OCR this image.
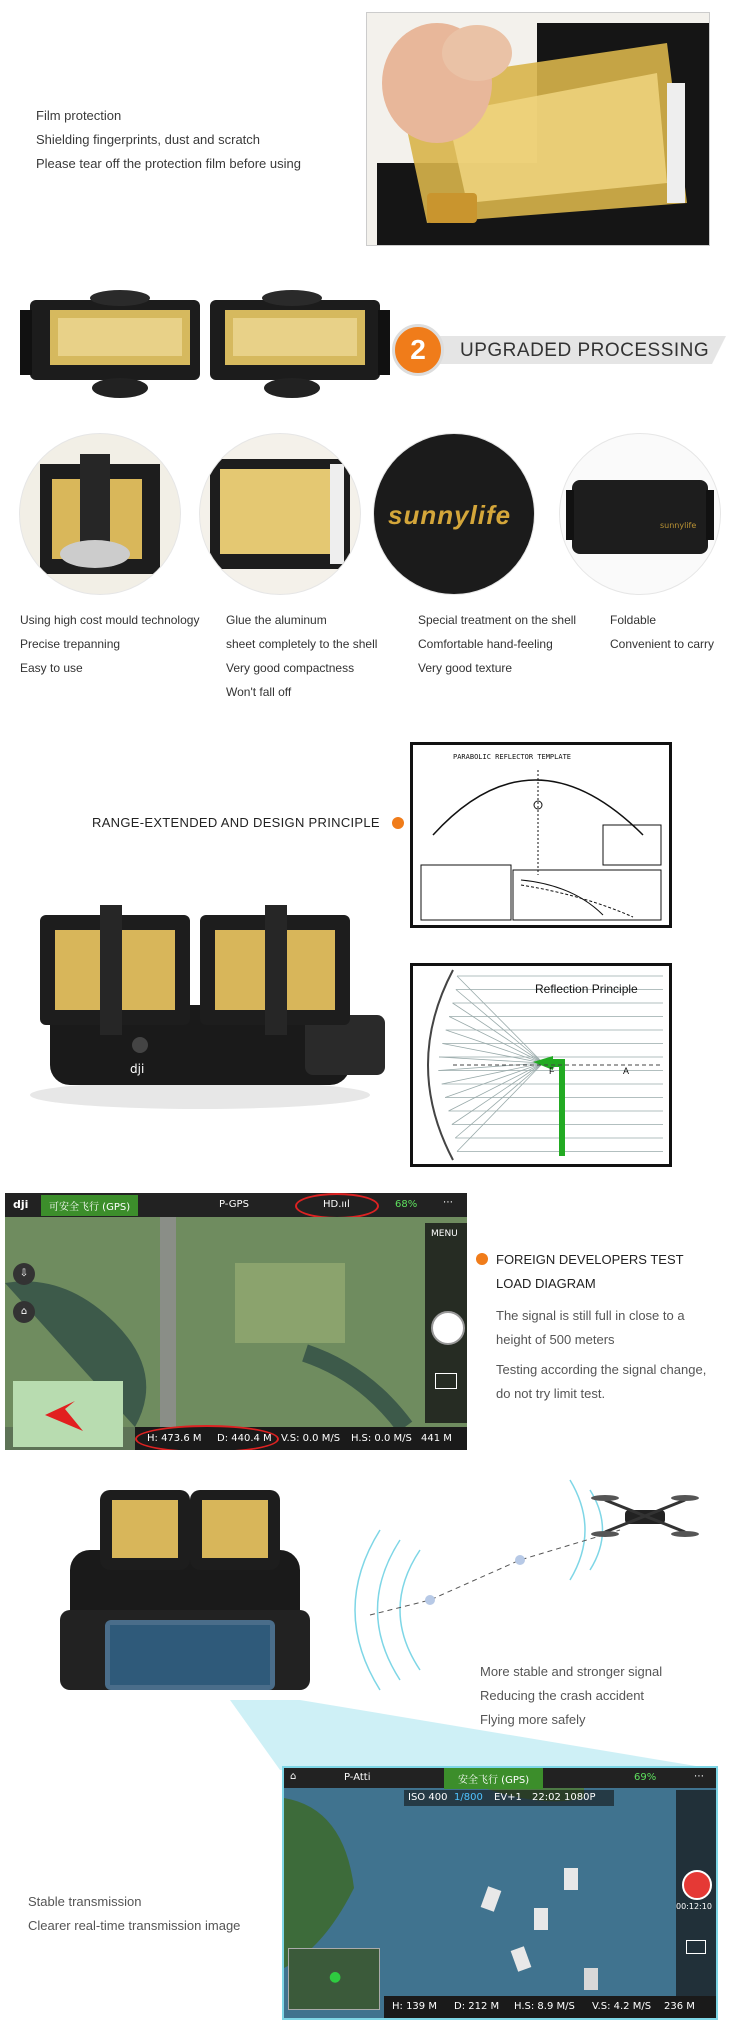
Film protection
Shielding fingerprints, dust and scratch
Please tear off the protection film before using
2 UPGRADED PROCESSING
sunnylife	sunnylife
Using high cost mould technology
Precise trepanning
Easy to use
Glue the aluminum
sheet completely to the shell
Very good compactness
Won't fall off
Special treatment on the shell
Comfortable hand-feeling
Very good texture
Foldable
Convenient to carry
RANGE-EXTENDED AND DESIGN PRINCIPLE
dji
PARABOLIC REFLECTOR TEMPLATE
Reflection Principle
F	A
dji	可安全飞行 (GPS)	P-GPS	HD.ııl	68%	⋯
MENU
⇩
⌂
H: 473.6 M D: 440.4 M V.S: 0.0 M/S H.S: 0.0 M/S 441 M
FOREIGN DEVELOPERS TEST
LOAD DIAGRAM
The signal is still full in close to a
height of 500 meters
Testing according the signal change,
do not try limit test.
More stable and stronger signal
Reducing the crash accident
Flying more safely
Stable transmission
Clearer real-time transmission image
⌂	P-Atti	安全飞行 (GPS)	69%	⋯
ISO 400 1/800 EV+1 22:02 1080P
00:12:10
H: 139 M D: 212 M H.S: 8.9 M/S V.S: 4.2 M/S 236 M
●
